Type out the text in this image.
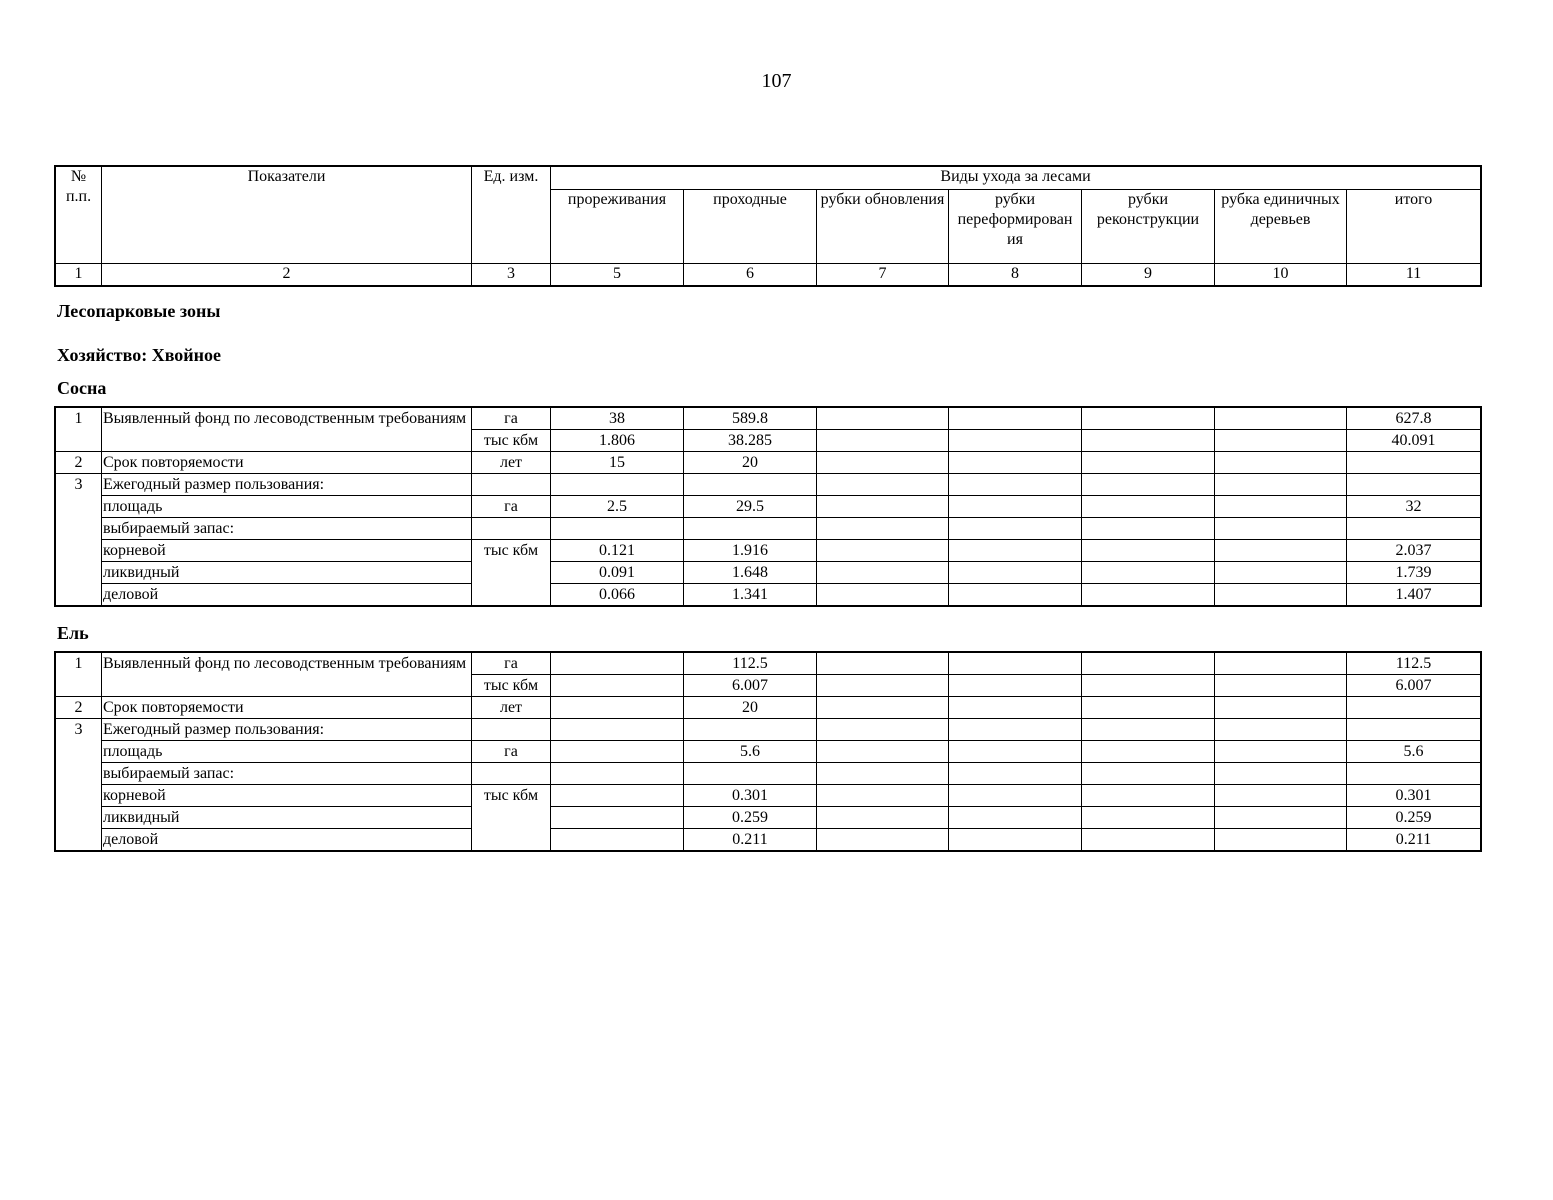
107
№ п.п.	Показатели	Ед. изм.	Виды ухода за лесами						
			прореживания	проходные	рубки обновления	рубки переформирован ия	рубки реконструкции	рубка единичных деревьев	итого
1	2	3	5	6	7	8	9	10	11
Лесопарковые зоны
Хозяйство: Хвойное
Сосна
1	Выявленный фонд по лесоводственным требованиям	га	38	589.8					627.8
		тыс кбм	1.806	38.285					40.091
2	Срок повторяемости	лет	15	20					
3	Ежегодный размер пользования:								
	площадь	га	2.5	29.5					32
	выбираемый запас:								
	корневой	тыс кбм	0.121	1.916					2.037
	ликвидный		0.091	1.648					1.739
	деловой		0.066	1.341					1.407
Ель
1	Выявленный фонд по лесоводственным требованиям	га		112.5					112.5
		тыс кбм		6.007					6.007
2	Срок повторяемости	лет		20					
3	Ежегодный размер пользования:								
	площадь	га		5.6					5.6
	выбираемый запас:								
	корневой	тыс кбм		0.301					0.301
	ликвидный			0.259					0.259
	деловой			0.211					0.211
